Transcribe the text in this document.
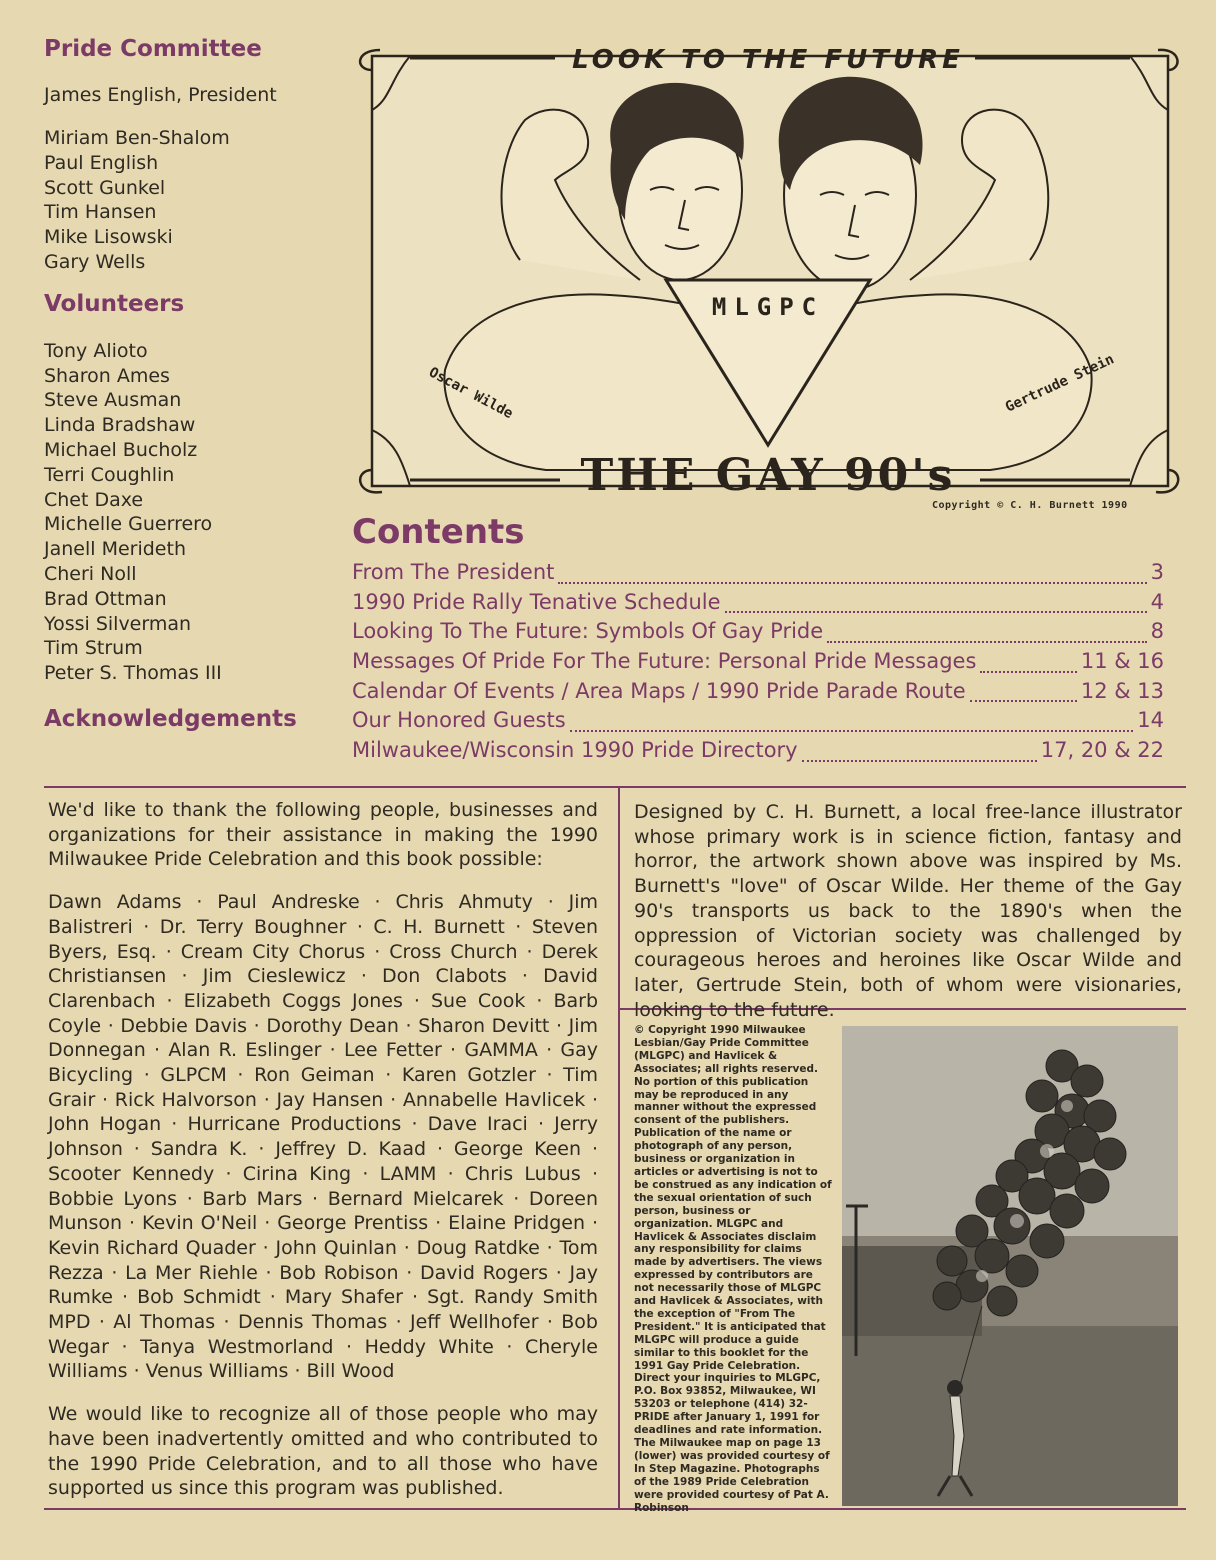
Pride Committee
James English, President
Miriam Ben-Shalom
Paul English
Scott Gunkel
Tim Hansen
Mike Lisowski
Gary Wells
Volunteers
Tony Alioto
Sharon Ames
Steve Ausman
Linda Bradshaw
Michael Bucholz
Terri Coughlin
Chet Daxe
Michelle Guerrero
Janell Merideth
Cheri Noll
Brad Ottman
Yossi Silverman
Tim Strum
Peter S. Thomas III
Acknowledgements
LOOK TO THE FUTURE
MLGPC
Oscar Wilde	Gertrude Stein
THE GAY 90's
Copyright © C. H. Burnett 1990
Contents
From The President	3
1990 Pride Rally Tenative Schedule	4
Looking To The Future: Symbols Of Gay Pride	8
Messages Of Pride For The Future: Personal Pride Messages	11 & 16
Calendar Of Events / Area Maps / 1990 Pride Parade Route	12 & 13
Our Honored Guests	14
Milwaukee/Wisconsin 1990 Pride Directory	17, 20 & 22

We'd like to thank the following people, businesses and organizations for their assistance in making the 1990 Milwaukee Pride Celebration and this book possible:

Dawn Adams · Paul Andreske · Chris Ahmuty · Jim Balistreri · Dr. Terry Boughner · C. H. Burnett · Steven Byers, Esq. · Cream City Chorus · Cross Church · Derek Christiansen · Jim Cieslewicz · Don Clabots · David Clarenbach · Elizabeth Coggs Jones · Sue Cook · Barb Coyle · Debbie Davis · Dorothy Dean · Sharon Devitt · Jim Donnegan · Alan R. Eslinger · Lee Fetter · GAMMA · Gay Bicycling · GLPCM · Ron Geiman · Karen Gotzler · Tim Grair · Rick Halvorson · Jay Hansen · Annabelle Havlicek · John Hogan · Hurricane Productions · Dave Iraci · Jerry Johnson · Sandra K. · Jeffrey D. Kaad · George Keen · Scooter Kennedy · Cirina King · LAMM · Chris Lubus · Bobbie Lyons · Barb Mars · Bernard Mielcarek · Doreen Munson · Kevin O'Neil · George Prentiss · Elaine Pridgen · Kevin Richard Quader · John Quinlan · Doug Ratdke · Tom Rezza · La Mer Riehle · Bob Robison · David Rogers · Jay Rumke · Bob Schmidt · Mary Shafer · Sgt. Randy Smith MPD · Al Thomas · Dennis Thomas · Jeff Wellhofer · Bob Wegar · Tanya Westmorland · Heddy White · Cheryle Williams · Venus Williams · Bill Wood

We would like to recognize all of those people who may have been inadvertently omitted and who contributed to the 1990 Pride Celebration, and to all those who have supported us since this program was published.

Designed by C. H. Burnett, a local free-lance illustrator whose primary work is in science fiction, fantasy and horror, the artwork shown above was inspired by Ms. Burnett's "love" of Oscar Wilde. Her theme of the Gay 90's transports us back to the 1890's when the oppression of Victorian society was challenged by courageous heroes and heroines like Oscar Wilde and later, Gertrude Stein, both of whom were visionaries, looking to the future.

© Copyright 1990 Milwaukee Lesbian/Gay Pride Committee (MLGPC) and Havlicek & Associates; all rights reserved. No portion of this publication may be reproduced in any manner without the expressed consent of the publishers. Publication of the name or photograph of any person, business or organization in articles or advertising is not to be construed as any indication of the sexual orientation of such person, business or organization. MLGPC and Havlicek & Associates disclaim any responsibility for claims made by advertisers. The views expressed by contributors are not necessarily those of MLGPC and Havlicek & Associates, with the exception of "From The President." It is anticipated that MLGPC will produce a guide similar to this booklet for the 1991 Gay Pride Celebration. Direct your inquiries to MLGPC, P.O. Box 93852, Milwaukee, WI 53203 or telephone (414) 32-PRIDE after January 1, 1991 for deadlines and rate information. The Milwaukee map on page 13 (lower) was provided courtesy of In Step Magazine. Photographs of the 1989 Pride Celebration were provided courtesy of Pat A. Robinson
